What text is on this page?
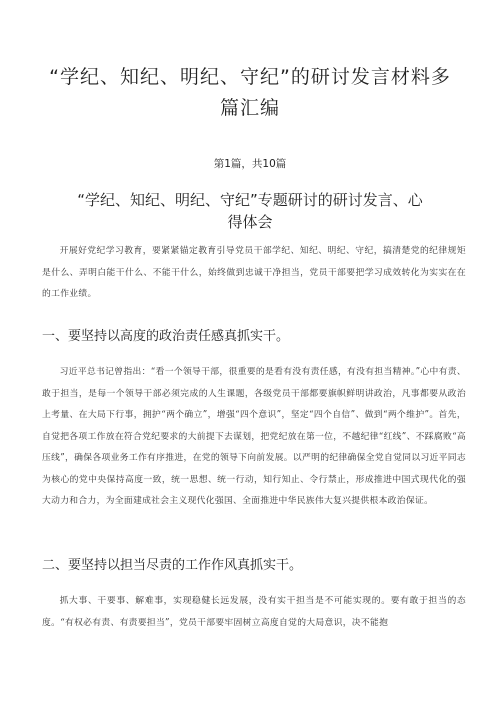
“学纪、知纪、明纪、守纪”的研讨发言材料多篇汇编
第1篇，共10篇
“学纪、知纪、明纪、守纪”专题研讨的研讨发言、心得体会
开展好党纪学习教育，要紧紧锚定教育引导党员干部学纪、知纪、明纪、守纪，搞清楚党的纪律规矩是什么、弄明白能干什么、不能干什么，始终做到忠诚干净担当，党员干部要把学习成效转化为实实在在的工作业绩。
一、要坚持以高度的政治责任感真抓实干。
习近平总书记曾指出：“看一个领导干部，很重要的是看有没有责任感，有没有担当精神。”心中有责、敢于担当，是每一个领导干部必须完成的人生课题，各级党员干部都要旗帜鲜明讲政治，凡事都要从政治上考量、在大局下行事，拥护“两个确立”，增强“四个意识”，坚定“四个自信”、做到“两个维护”。首先，自觉把各项工作放在符合党纪要求的大前提下去谋划，把党纪放在第一位，不越纪律“红线”、不踩腐败“高压线”，确保各项业务工作有序推进，在党的领导下向前发展。以严明的纪律确保全党自觉同以习近平同志为核心的党中央保持高度一致，统一思想、统一行动，知行知止、令行禁止，形成推进中国式现代化的强大动力和合力，为全面建成社会主义现代化强国、全面推进中华民族伟大复兴提供根本政治保证。
二、要坚持以担当尽责的工作作风真抓实干。
抓大事、干要事、解难事，实现稳健长远发展，没有实干担当是不可能实现的。要有敢于担当的态度。“有权必有责、有责要担当”，党员干部要牢固树立高度自觉的大局意识，决不能抱
